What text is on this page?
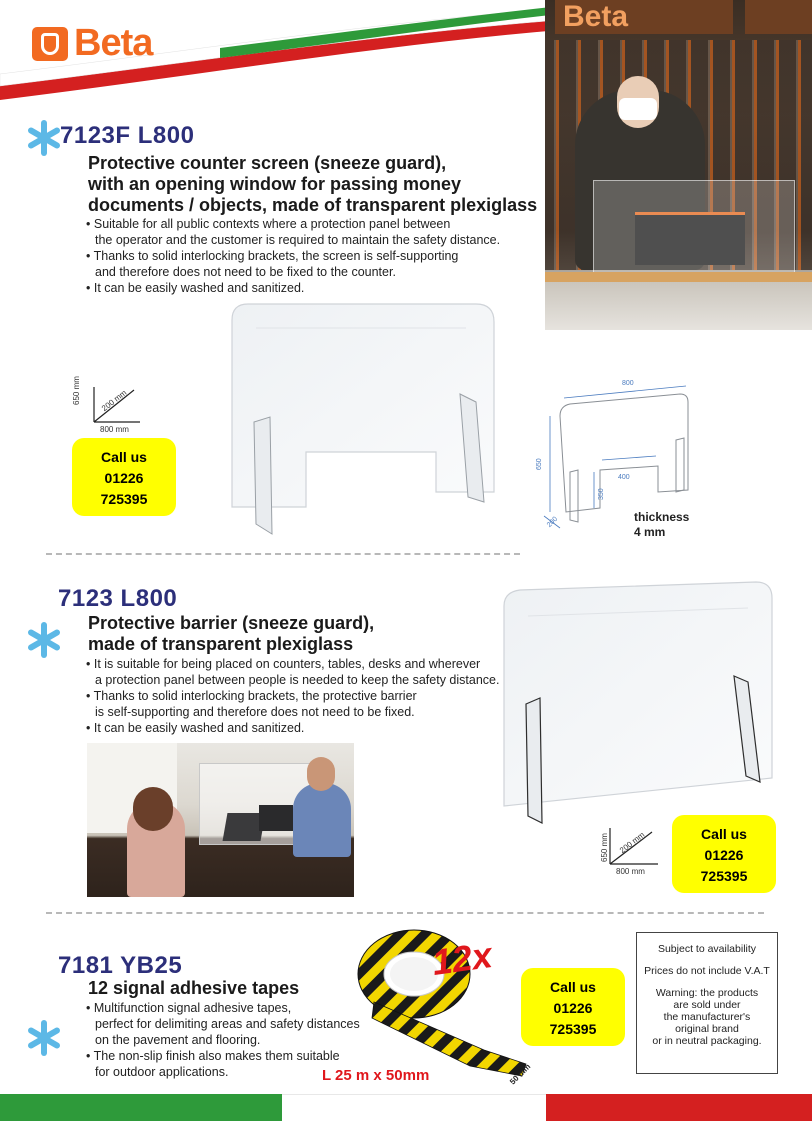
Beta
Beta
7123F L800
Protective counter screen (sneeze guard),
with an opening window for passing money
documents / objects, made of transparent plexiglass
• Suitable for all public contexts where a protection panel between
the operator and the customer is required to maintain the safety distance.
• Thanks to solid interlocking brackets, the screen is self-supporting
and therefore does not need to be fixed to the counter.
• It can be easily washed and sanitized.
650 mm 200 mm
800 mm
Call us
01226
725395
800
650
400
350
200	thickness
4 mm
7123 L800
Protective barrier (sneeze guard),
made of transparent plexiglass
• It is suitable for being placed on counters, tables, desks and wherever
a protection panel between people is needed to keep the safety distance.
• Thanks to solid interlocking brackets, the protective barrier
is self-supporting and therefore does not need to be fixed.
• It can be easily washed and sanitized.
650 mm 200 mm
800 mm
Call us
01226
725395
7181 YB25
12 signal adhesive tapes
• Multifunction signal adhesive tapes,
perfect for delimiting areas and safety distances
on the pavement and flooring.
• The non-slip finish also makes them suitable
for outdoor applications.
12x
50 mm
L 25 m x 50mm
Call us
01226
725395
Subject to availability
Prices do not include V.A.T
Warning: the products
are sold under
the manufacturer's
original brand
or in neutral packaging.
